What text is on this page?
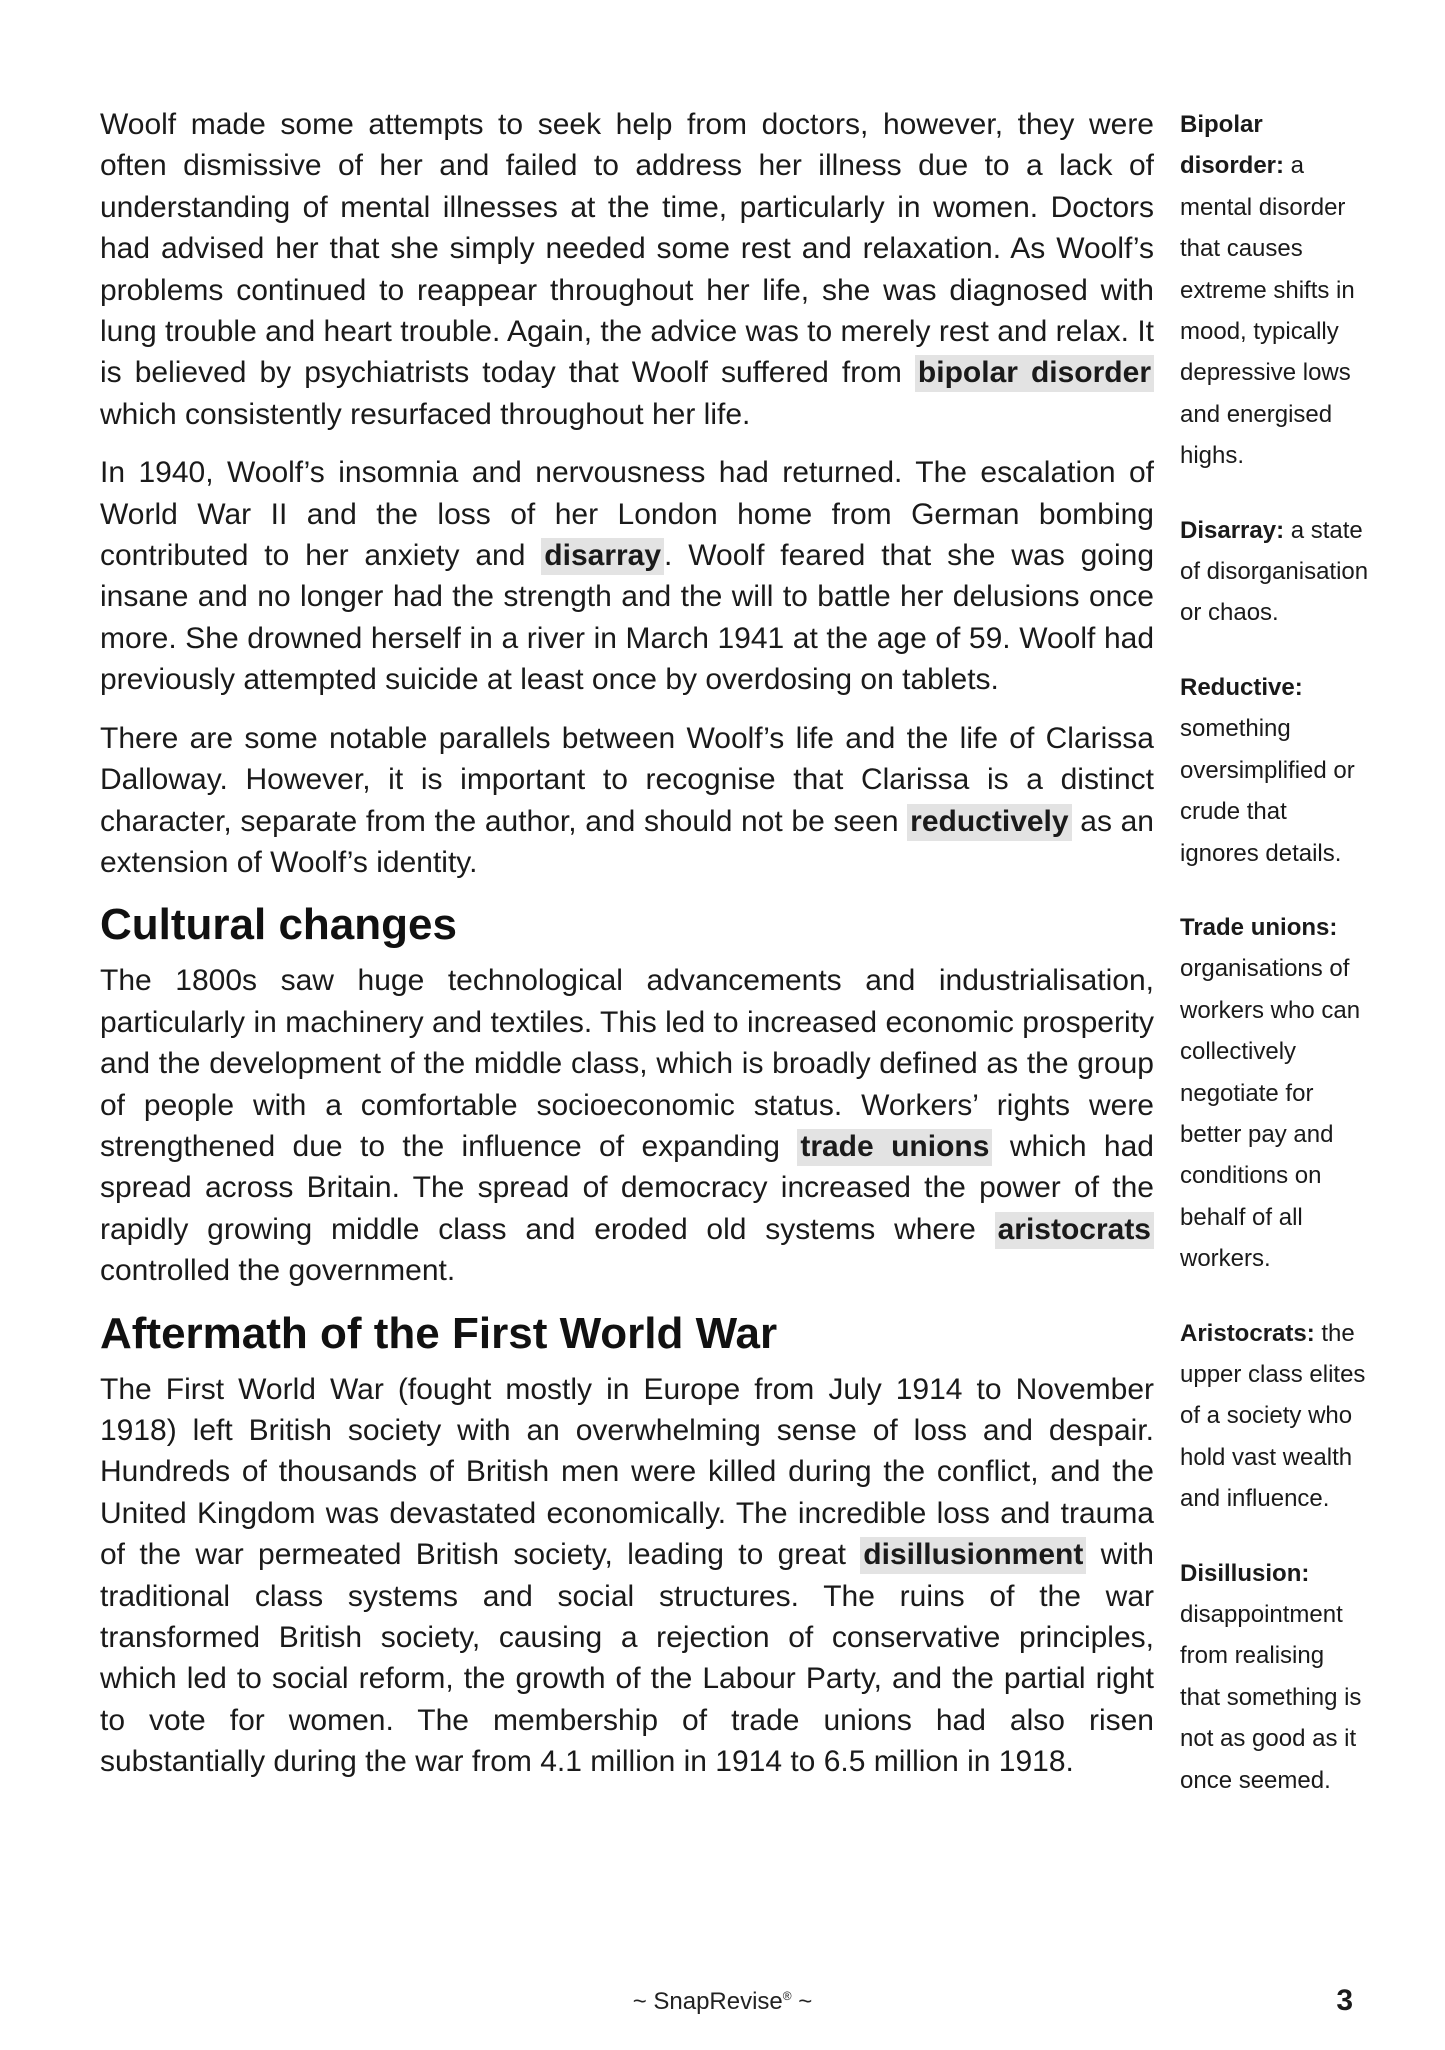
Woolf made some attempts to seek help from doctors, however, they were often dismissive of her and failed to address her illness due to a lack of understanding of mental illnesses at the time, particularly in women. Doctors had advised her that she simply needed some rest and relaxation. As Woolf’s problems continued to reappear throughout her life, she was diagnosed with lung trouble and heart trouble. Again, the advice was to merely rest and relax. It is believed by psychiatrists today that Woolf suffered from bipolar disorder which consistently resurfaced throughout her life.

In 1940, Woolf’s insomnia and nervousness had returned. The escalation of World War II and the loss of her London home from German bombing contributed to her anxiety and disarray . Woolf feared that she was going insane and no longer had the strength and the will to battle her delusions once more. She drowned herself in a river in March 1941 at the age of 59. Woolf had previously attempted suicide at least once by overdosing on tablets.

There are some notable parallels between Woolf’s life and the life of Clarissa Dalloway. However, it is important to recognise that Clarissa is a distinct character, separate from the author, and should not be seen reductively as an extension of Woolf’s identity.

Cultural changes

The 1800s saw huge technological advancements and industrialisation, particularly in machinery and textiles. This led to increased economic prosperity and the development of the middle class, which is broadly defined as the group of people with a comfortable socioeconomic status. Workers’ rights were strengthened due to the influence of expanding trade unions which had spread across Britain. The spread of democracy increased the power of the rapidly growing middle class and eroded old systems where aristocrats controlled the government.

Aftermath of the First World War

The First World War (fought mostly in Europe from July 1914 to November 1918) left British society with an overwhelming sense of loss and despair. Hundreds of thousands of British men were killed during the conflict, and the United Kingdom was devastated economically. The incredible loss and trauma of the war permeated British society, leading to great disillusionment with traditional class systems and social structures. The ruins of the war transformed British society, causing a rejection of conservative principles, which led to social reform, the growth of the Labour Party, and the partial right to vote for women. The membership of trade unions had also risen substantially during the war from 4.1 million in 1914 to 6.5 million in 1918.

Bipolar disorder: a mental disorder that causes extreme shifts in mood, typically depressive lows and energised highs.
Disarray: a state of disorganisation or chaos.
Reductive: something oversimplified or crude that ignores details.
Trade unions: organisations of workers who can collectively negotiate for better pay and conditions on behalf of all workers.
Aristocrats: the upper class elites of a society who hold vast wealth and influence.
Disillusion: disappointment from realising that something is not as good as it once seemed.
~ SnapRevise® ~	3
